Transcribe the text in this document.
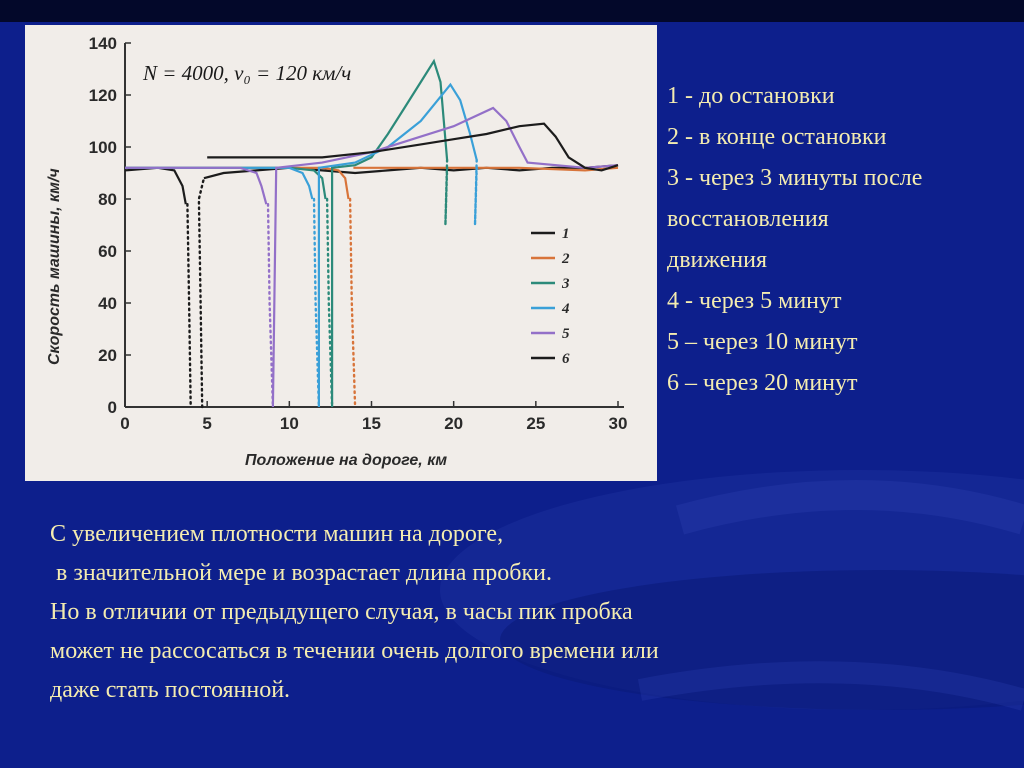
0	5	10	15	20	25	30
0
20
40
60
80
100
120
140
N = 4000, v₀ = 120 км/ч
1
2
3
4
5
6
Положение на дороге, км
Скорость машины, км/ч
1 - до остановки
2 - в конце остановки
3 - через 3 минуты после
восстановления
движения
4 - через 5 минут
5 – через 10 минут
6 – через 20 минут
С увеличением плотности машин на дороге,
в значительной мере и возрастает длина пробки.
Но в отличии от предыдущего случая, в часы пик пробка
может не рассосаться в течении очень долгого времени или
даже стать постоянной.
